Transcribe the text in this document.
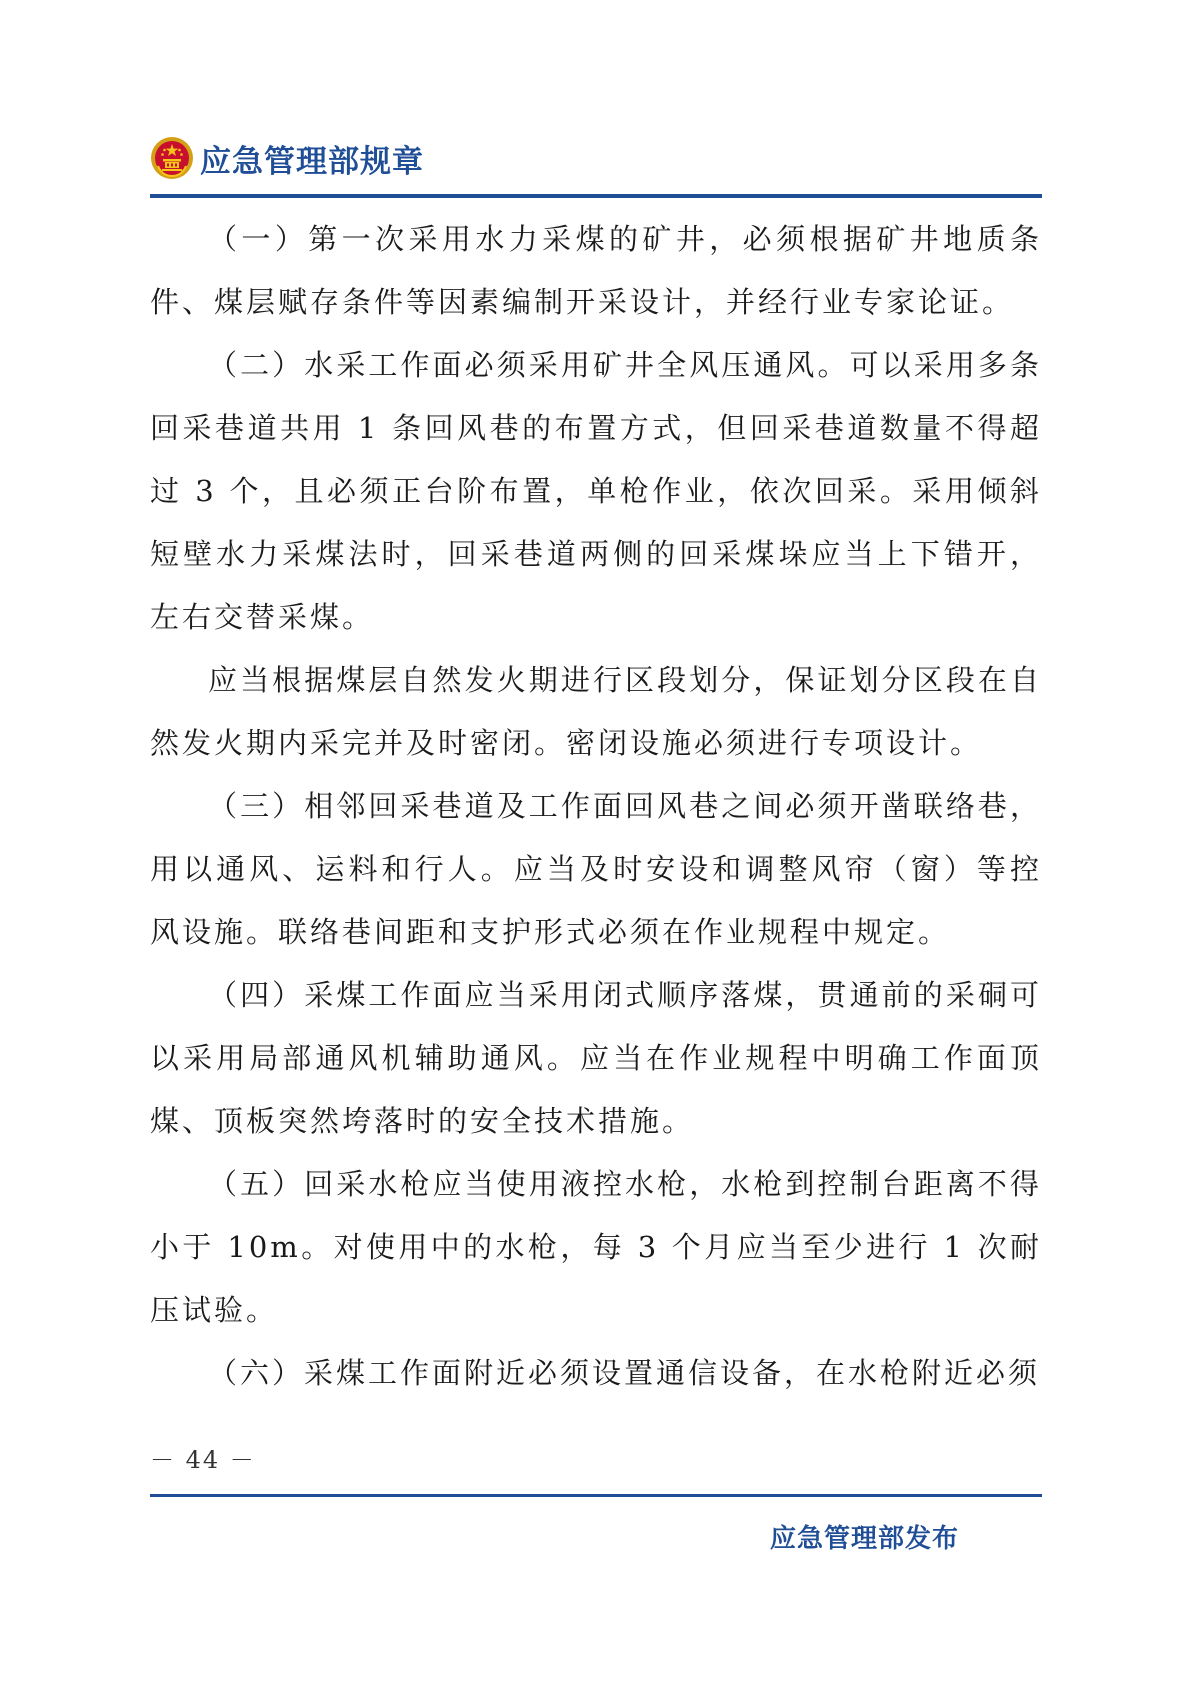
应急管理部规章

（一）第一次采用水力采煤的矿井，必须根据矿井地质条件、煤层赋存条件等因素编制开采设计，并经行业专家论证。

（二）水采工作面必须采用矿井全风压通风。可以采用多条回采巷道共用 1 条回风巷的布置方式，但回采巷道数量不得超过 3 个，且必须正台阶布置，单枪作业，依次回采。采用倾斜短壁水力采煤法时，回采巷道两侧的回采煤垛应当上下错开，左右交替采煤。

应当根据煤层自然发火期进行区段划分，保证划分区段在自然发火期内采完并及时密闭。密闭设施必须进行专项设计。

（三）相邻回采巷道及工作面回风巷之间必须开凿联络巷，用以通风、运料和行人。应当及时安设和调整风帘（窗）等控风设施。联络巷间距和支护形式必须在作业规程中规定。

（四）采煤工作面应当采用闭式顺序落煤，贯通前的采硐可以采用局部通风机辅助通风。应当在作业规程中明确工作面顶煤、顶板突然垮落时的安全技术措施。

（五）回采水枪应当使用液控水枪，水枪到控制台距离不得小于 10m。对使用中的水枪，每 3 个月应当至少进行 1 次耐压试验。

（六）采煤工作面附近必须设置通信设备，在水枪附近必须

－ 44 －
应急管理部发布
